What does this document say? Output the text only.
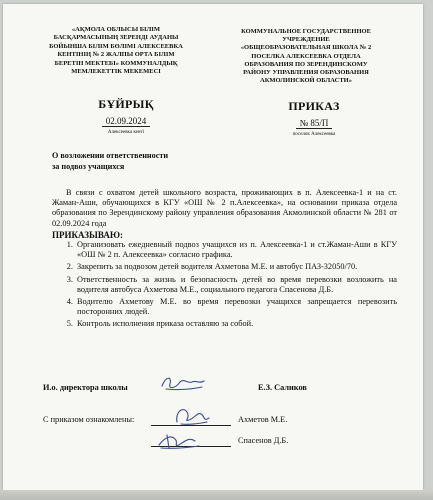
«АҚМОЛА ОБЛЫСЫ БІЛІМ
БАСҚАРМАСЫНЫҢ ЗЕРЕНДІ АУДАНЫ
БОЙЫНША БІЛІМ БӨЛІМІ АЛЕКСЕЕВКА
КЕНТІНІҢ № 2 ЖАЛПЫ ОРТА БІЛІМ
БЕРЕТІН МЕКТЕБІ» КОММУНАЛДЫҚ
МЕМЛЕКЕТТІК МЕКЕМЕСІ
КОММУНАЛЬНОЕ ГОСУДАРСТВЕННОЕ
УЧРЕЖДЕНИЕ
«ОБЩЕОБРАЗОВАТЕЛЬНАЯ ШКОЛА № 2
ПОСЕЛКА АЛЕКСЕЕВКА ОТДЕЛА
ОБРАЗОВАНИЯ ПО ЗЕРЕНДИНСКОМУ
РАЙОНУ УПРАВЛЕНИЯ ОБРАЗОВАНИЯ
АКМОЛИНСКОЙ ОБЛАСТИ»
БҰЙРЫҚ
02.09.2024
Алексеевка кенті
ПРИКАЗ
№ 85/П
поселок Алексеевка
О возложении ответственности
за подвоз учащихся

В связи с охватом детей школьного возраста, проживающих в п. Алексеевка-1 и на ст. Жаман-Аши, обучающихся в КГУ «ОШ № 2 п.Алексеевка», на основании приказа отдела образования по Зерендинскому району управления образования Акмолинской области № 281 от 02.09.2024 года

ПРИКАЗЫВАЮ:
1. Организовать ежедневный подвоз учащихся из п. Алексеевка-1 и ст.Жаман-Аши в КГУ «ОШ № 2 п. Алексеевка» согласно графика.
2. Закрепить за подвозом детей водителя Ахметова М.Е. и автобус ПАЗ-32050/70.
3. Ответственность за жизнь и безопасность детей во время перевозки возложить на водителя автобуса Ахметова М.Е., социального педагога Спасенова Д.Б.
4. Водителю Ахметову М.Е. во время перевозки учащихся запрещается перевозить посторонних людей.
5. Контроль исполнения приказа оставляю за собой.
И.о. директора школы	Е.З. Саликов
С приказом ознакомлены:	Ахметов М.Е.
Спасенов Д.Б.
